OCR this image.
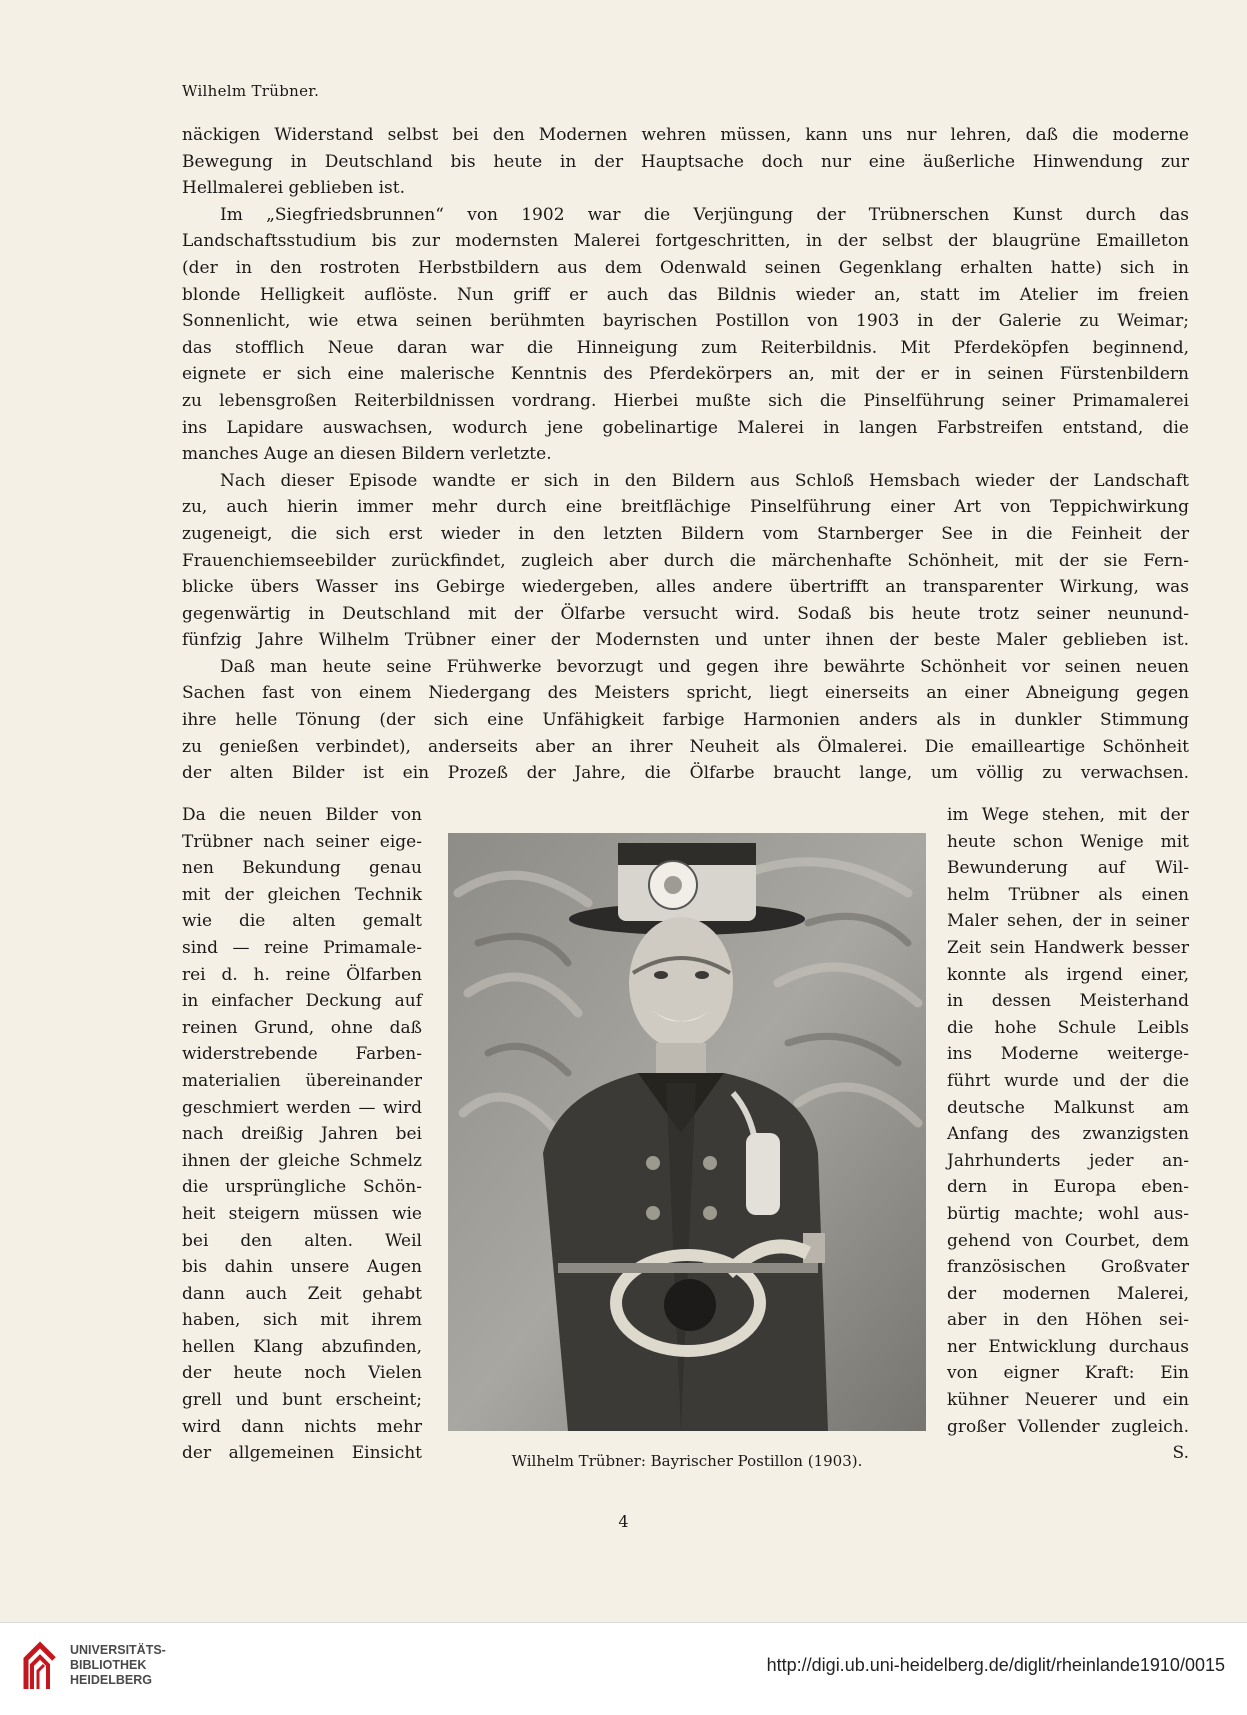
Wilhelm Trübner.
näckigen Widerstand selbst bei den Modernen wehren müssen, kann uns nur lehren, daß die moderne
Bewegung in Deutschland bis heute in der Hauptsache doch nur eine äußerliche Hinwendung zur
Hellmalerei geblieben ist.
Im „Siegfriedsbrunnen“ von 1902 war die Verjüngung der Trübnerschen Kunst durch das
Landschaftsstudium bis zur modernsten Malerei fortgeschritten, in der selbst der blaugrüne Emailleton
(der in den rostroten Herbstbildern aus dem Odenwald seinen Gegenklang erhalten hatte) sich in
blonde Helligkeit auflöste. Nun griff er auch das Bildnis wieder an, statt im Atelier im freien
Sonnenlicht, wie etwa seinen berühmten bayrischen Postillon von 1903 in der Galerie zu Weimar;
das stofflich Neue daran war die Hinneigung zum Reiterbildnis. Mit Pferdeköpfen beginnend,
eignete er sich eine malerische Kenntnis des Pferdekörpers an, mit der er in seinen Fürstenbildern
zu lebensgroßen Reiterbildnissen vordrang. Hierbei mußte sich die Pinselführung seiner Primamalerei
ins Lapidare auswachsen, wodurch jene gobelinartige Malerei in langen Farbstreifen entstand, die
manches Auge an diesen Bildern verletzte.
Nach dieser Episode wandte er sich in den Bildern aus Schloß Hemsbach wieder der Landschaft
zu, auch hierin immer mehr durch eine breitflächige Pinselführung einer Art von Teppichwirkung
zugeneigt, die sich erst wieder in den letzten Bildern vom Starnberger See in die Feinheit der
Frauenchiemseebilder zurückfindet, zugleich aber durch die märchenhafte Schönheit, mit der sie Fern-
blicke übers Wasser ins Gebirge wiedergeben, alles andere übertrifft an transparenter Wirkung, was
gegenwärtig in Deutschland mit der Ölfarbe versucht wird. Sodaß bis heute trotz seiner neunund-
fünfzig Jahre Wilhelm Trübner einer der Modernsten und unter ihnen der beste Maler geblieben ist.
Daß man heute seine Frühwerke bevorzugt und gegen ihre bewährte Schönheit vor seinen neuen
Sachen fast von einem Niedergang des Meisters spricht, liegt einerseits an einer Abneigung gegen
ihre helle Tönung (der sich eine Unfähigkeit farbige Harmonien anders als in dunkler Stimmung
zu genießen verbindet), anderseits aber an ihrer Neuheit als Ölmalerei. Die emailleartige Schönheit
der alten Bilder ist ein Prozeß der Jahre, die Ölfarbe braucht lange, um völlig zu verwachsen.
Da die neuen Bilder von
Trübner nach seiner eige-
nen Bekundung genau
mit der gleichen Technik
wie die alten gemalt
sind — reine Primamale-
rei d. h. reine Ölfarben
in einfacher Deckung auf
reinen Grund, ohne daß
widerstrebende Farben-
materialien übereinander
geschmiert werden — wird
nach dreißig Jahren bei
ihnen der gleiche Schmelz
die ursprüngliche Schön-
heit steigern müssen wie
bei den alten. Weil
bis dahin unsere Augen
dann auch Zeit gehabt
haben, sich mit ihrem
hellen Klang abzufinden,
der heute noch Vielen
grell und bunt erscheint;
wird dann nichts mehr
der allgemeinen Einsicht	Wilhelm Trübner: Bayrischer Postillon (1903).
im Wege stehen, mit der
heute schon Wenige mit
Bewunderung auf Wil-
helm Trübner als einen
Maler sehen, der in seiner
Zeit sein Handwerk besser
konnte als irgend einer,
in dessen Meisterhand
die hohe Schule Leibls
ins Moderne weiterge-
führt wurde und der die
deutsche Malkunst am
Anfang des zwanzigsten
Jahrhunderts jeder an-
dern in Europa eben-
bürtig machte; wohl aus-
gehend von Courbet, dem
französischen Großvater
der modernen Malerei,
aber in den Höhen sei-
ner Entwicklung durchaus
von eigner Kraft: Ein
kühner Neuerer und ein
großer Vollender zugleich.
S.
4
UNIVERSITÄTS-
BIBLIOTHEK
HEIDELBERG
http://digi.ub.uni-heidelberg.de/diglit/rheinlande1910/0015
